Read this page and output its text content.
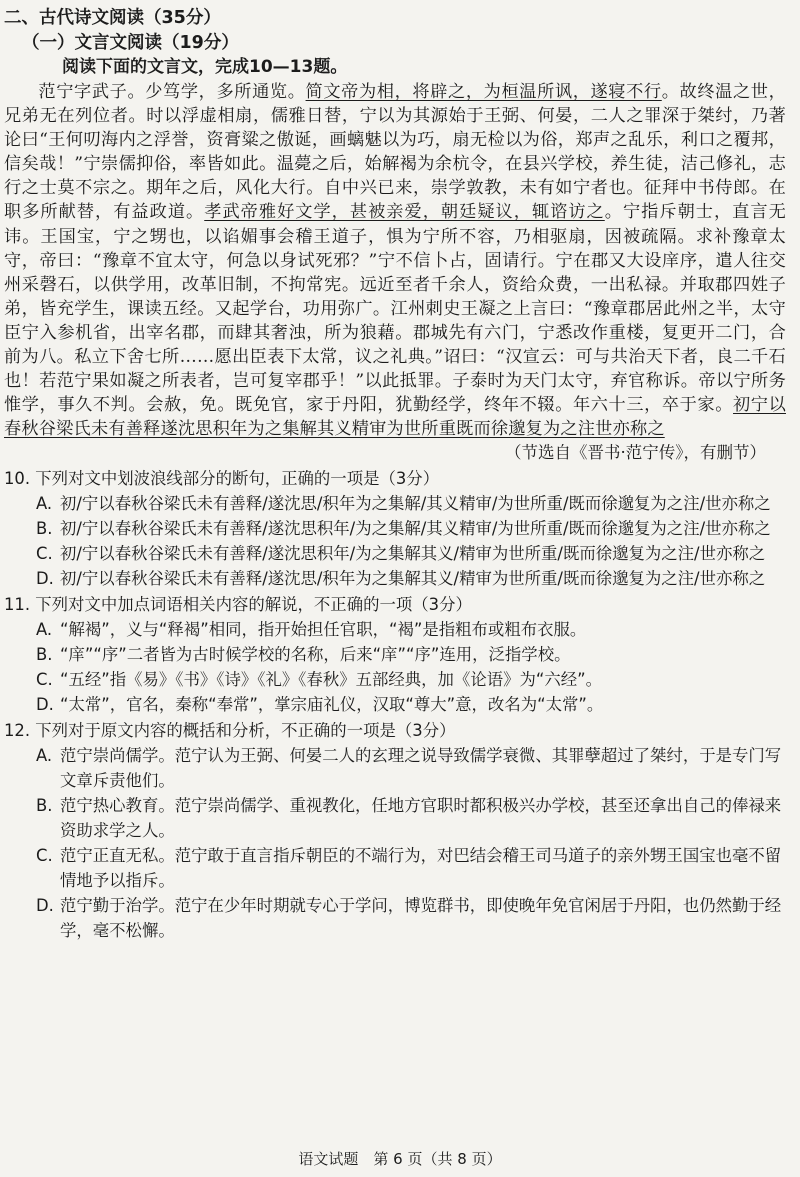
二、古代诗文阅读（35分）
（一）文言文阅读（19分）
阅读下面的文言文，完成10—13题。

范宁字武子。少笃学，多所通览。简文帝为相，将辟之，为桓温所讽，遂寝不行。故终温之世，兄弟无在列位者。时以浮虚相扇，儒雅日替，宁以为其源始于王弼、何晏，二人之罪深于桀纣，乃著论曰“王何叨海内之浮誉，资膏粱之傲诞，画螭魅以为巧，扇无检以为俗，郑声之乱乐，利口之覆邦，信矣哉！”宁崇儒抑俗，率皆如此。温薨之后，始解褐为余杭令，在县兴学校，养生徒，洁己修礼，志行之士莫不宗之。期年之后，风化大行。自中兴已来，崇学敦教，未有如宁者也。征拜中书侍郎。在职多所献替，有益政道。孝武帝雅好文学，甚被亲爱，朝廷疑议，辄谘访之。宁指斥朝士，直言无讳。王国宝，宁之甥也，以谄媚事会稽王道子，惧为宁所不容，乃相驱扇，因被疏隔。求补豫章太守，帝曰：“豫章不宜太守，何急以身试死邪？”宁不信卜占，固请行。宁在郡又大设庠序，遣人往交州采磬石，以供学用，改革旧制，不拘常宪。远近至者千余人，资给众费，一出私禄。并取郡四姓子弟，皆充学生，课读五经。又起学台，功用弥广。江州刺史王凝之上言曰：“豫章郡居此州之半，太守臣宁入参机省，出宰名郡，而肆其奢浊，所为狼藉。郡城先有六门，宁悉改作重楼，复更开二门，合前为八。私立下舍七所……愿出臣表下太常，议之礼典。”诏曰：“汉宣云：可与共治天下者，良二千石也！若范宁果如凝之所表者，岂可复宰郡乎！”以此抵罪。子泰时为天门太守，弃官称诉。帝以宁所务惟学，事久不判。会赦，免。既免官，家于丹阳，犹勤经学，终年不辍。年六十三，卒于家。初宁以春秋谷梁氏未有善释遂沈思积年为之集解其义精审为世所重既而徐邈复为之注世亦称之

（节选自《晋书·范宁传》，有删节）
10. 下列对文中划波浪线部分的断句，正确的一项是（3分）
A. 初/宁以春秋谷梁氏未有善释/遂沈思/积年为之集解/其义精审/为世所重/既而徐邈复为之注/世亦称之
B. 初/宁以春秋谷梁氏未有善释/遂沈思积年/为之集解/其义精审/为世所重/既而徐邈复为之注/世亦称之
C. 初/宁以春秋谷梁氏未有善释/遂沈思积年/为之集解其义/精审为世所重/既而徐邈复为之注/世亦称之
D. 初/宁以春秋谷梁氏未有善释/遂沈思/积年为之集解其义/精审为世所重/既而徐邈复为之注/世亦称之
11. 下列对文中加点词语相关内容的解说，不正确的一项（3分）
A. “解褐”，义与“释褐”相同，指开始担任官职，“褐”是指粗布或粗布衣服。
B. “庠”“序”二者皆为古时候学校的名称，后来“庠”“序”连用，泛指学校。
C. “五经”指《易》《书》《诗》《礼》《春秋》五部经典，加《论语》为“六经”。
D. “太常”，官名，秦称“奉常”，掌宗庙礼仪，汉取“尊大”意，改名为“太常”。
12. 下列对于原文内容的概括和分析，不正确的一项是（3分）
A. 范宁崇尚儒学。范宁认为王弼、何晏二人的玄理之说导致儒学衰微、其罪孽超过了桀纣，于是专门写文章斥责他们。
B. 范宁热心教育。范宁崇尚儒学、重视教化，任地方官职时都积极兴办学校，甚至还拿出自己的俸禄来资助求学之人。
C. 范宁正直无私。范宁敢于直言指斥朝臣的不端行为，对巴结会稽王司马道子的亲外甥王国宝也毫不留情地予以指斥。
D. 范宁勤于治学。范宁在少年时期就专心于学问，博览群书，即使晚年免官闲居于丹阳，也仍然勤于经学，毫不松懈。
语文试题　第 6 页（共 8 页）
